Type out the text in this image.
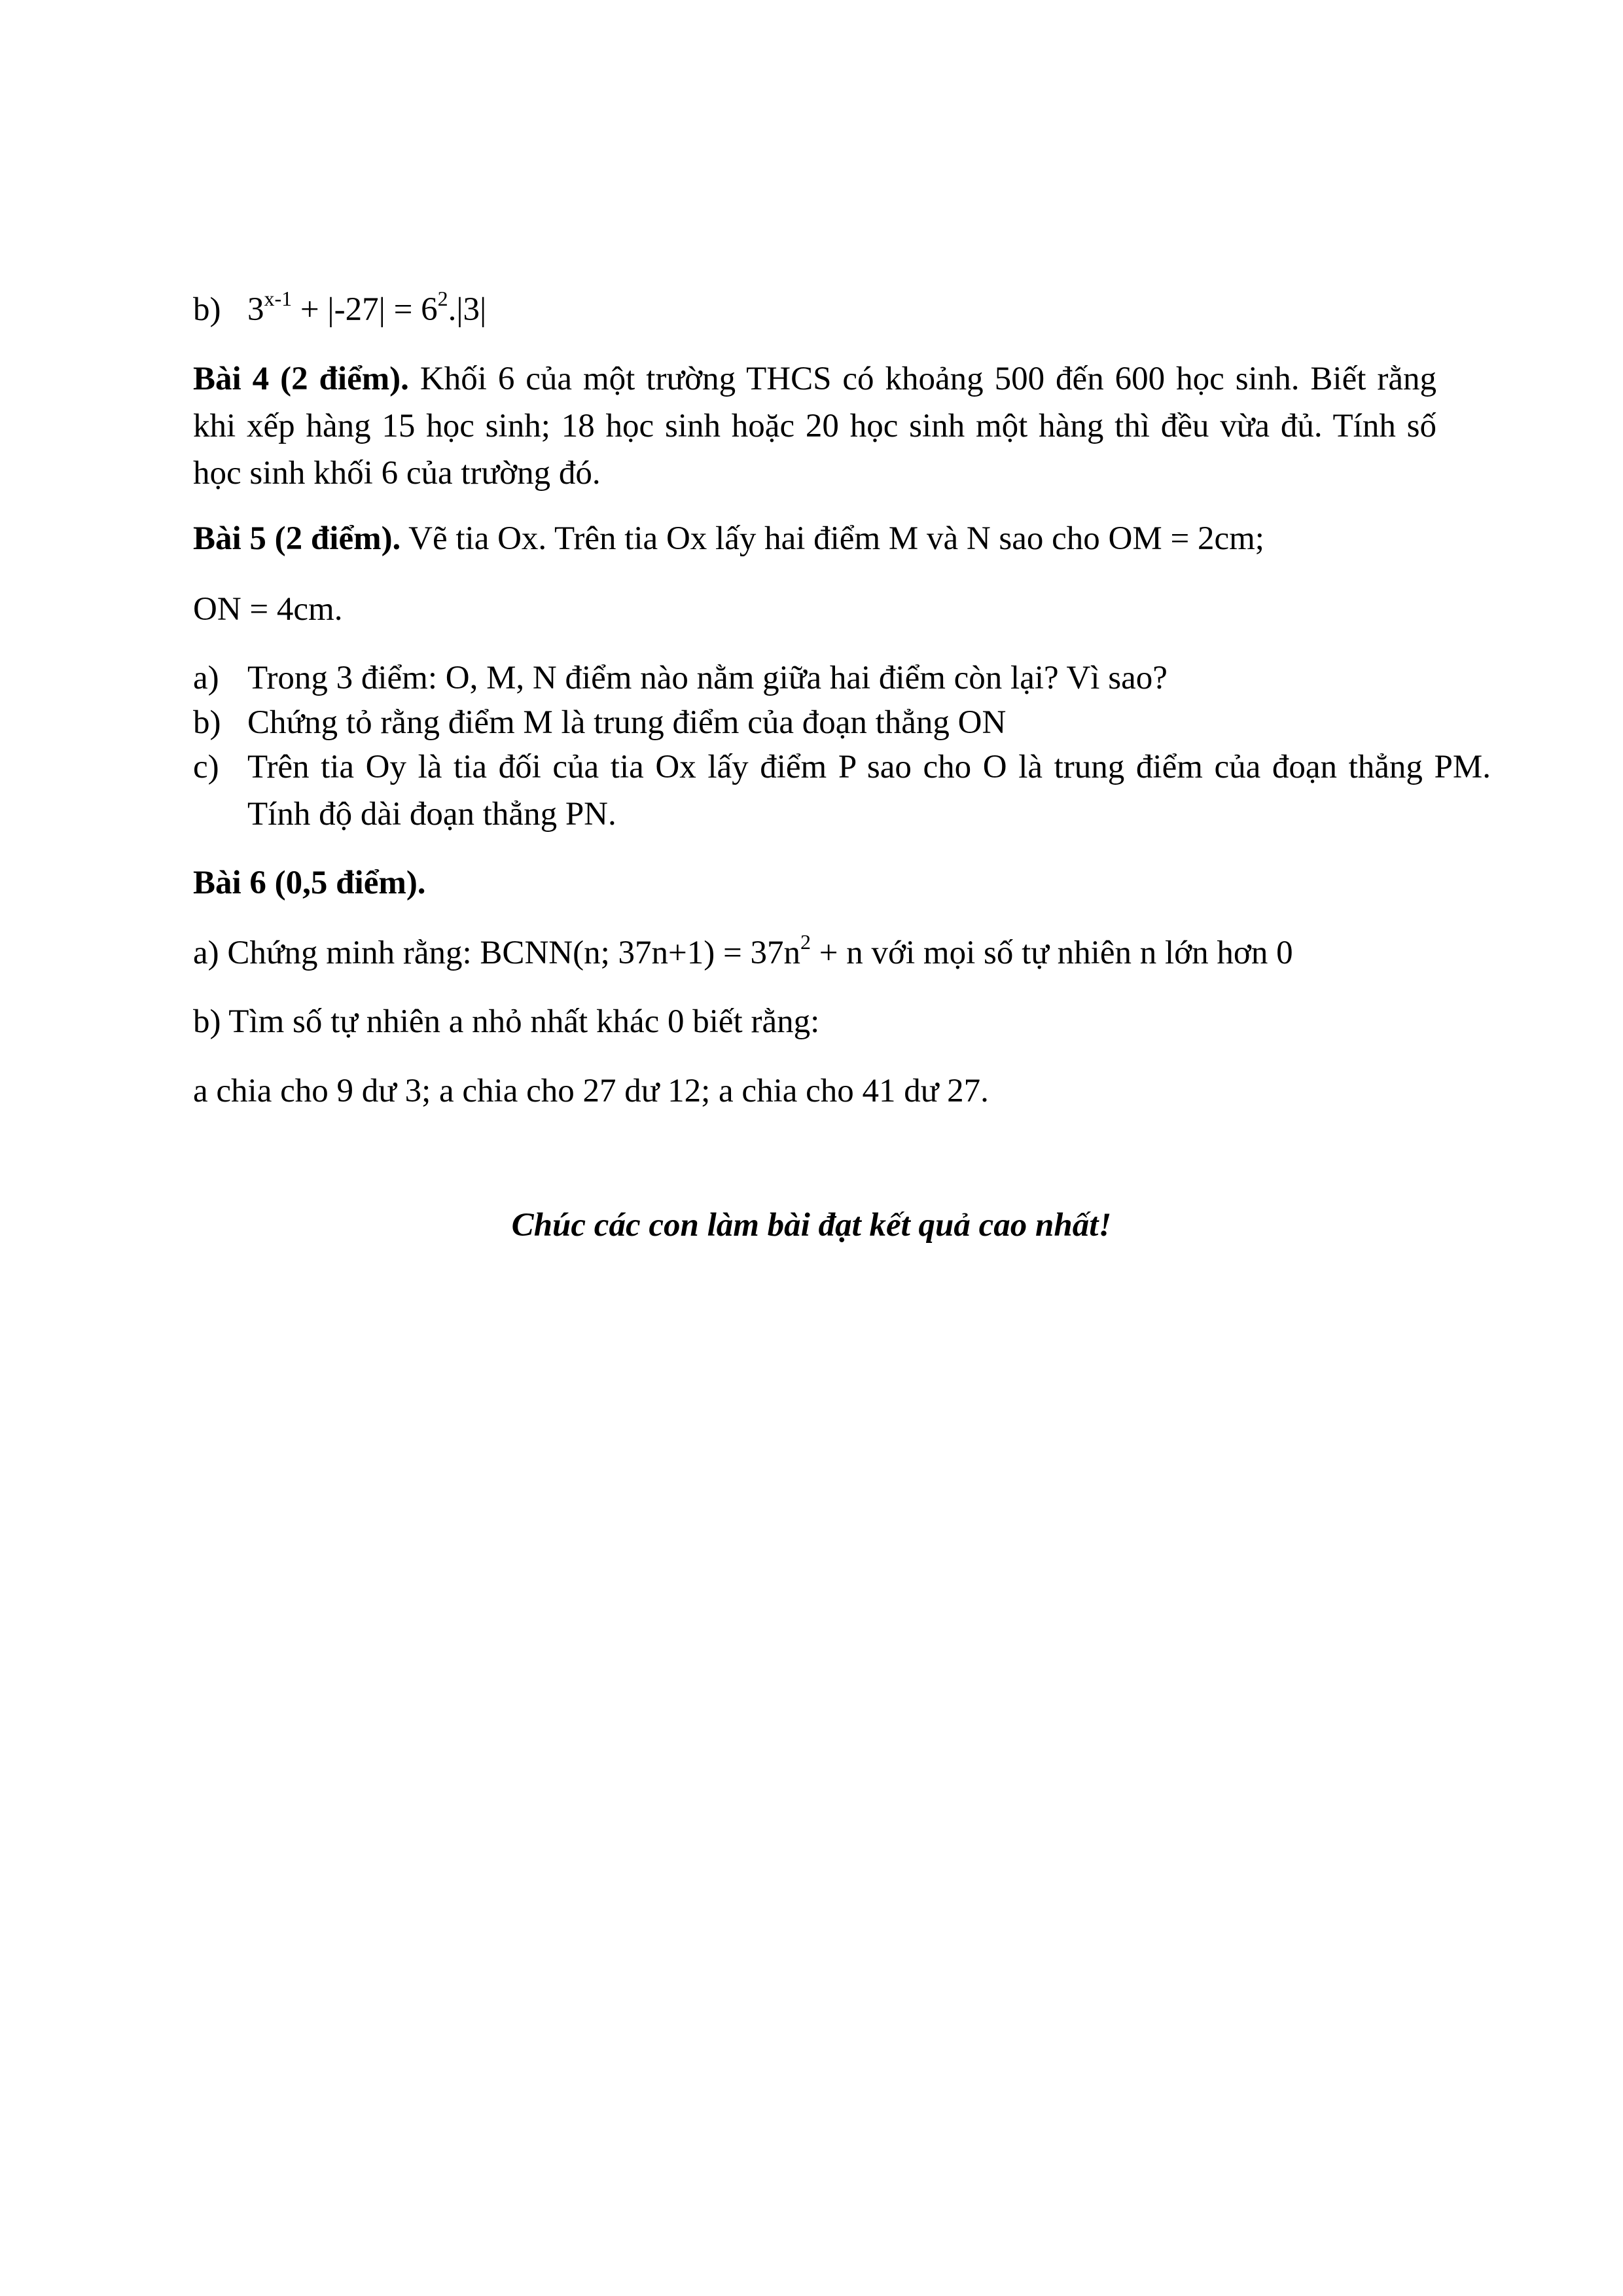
b) $3^{x-1} + |-27| = 6^2.|3|$

Bài 4 (2 điểm). Khối 6 của một trường THCS có khoảng 500 đến 600 học sinh. Biết rằng khi xếp hàng 15 học sinh; 18 học sinh hoặc 20 học sinh một hàng thì đều vừa đủ. Tính số học sinh khối 6 của trường đó.

Bài 5 (2 điểm). Vẽ tia Ox. Trên tia Ox lấy hai điểm M và N sao cho OM = 2cm;

ON = 4cm.

a) Trong 3 điểm: O, M, N điểm nào nằm giữa hai điểm còn lại? Vì sao?

b) Chứng tỏ rằng điểm M là trung điểm của đoạn thẳng ON

c) Trên tia Oy là tia đối của tia Ox lấy điểm P sao cho O là trung điểm của đoạn thẳng PM. Tính độ dài đoạn thẳng PN.

Bài 6 (0,5 điểm).

a) Chứng minh rằng: BCNN(n; $37n+1) = 37n^2 + n$ với mọi số tự nhiên n lớn hơn 0

b) Tìm số tự nhiên a nhỏ nhất khác 0 biết rằng:

a chia cho 9 dư 3; a chia cho 27 dư 12; a chia cho 41 dư 27.

Chúc các con làm bài đạt kết quả cao nhất!
